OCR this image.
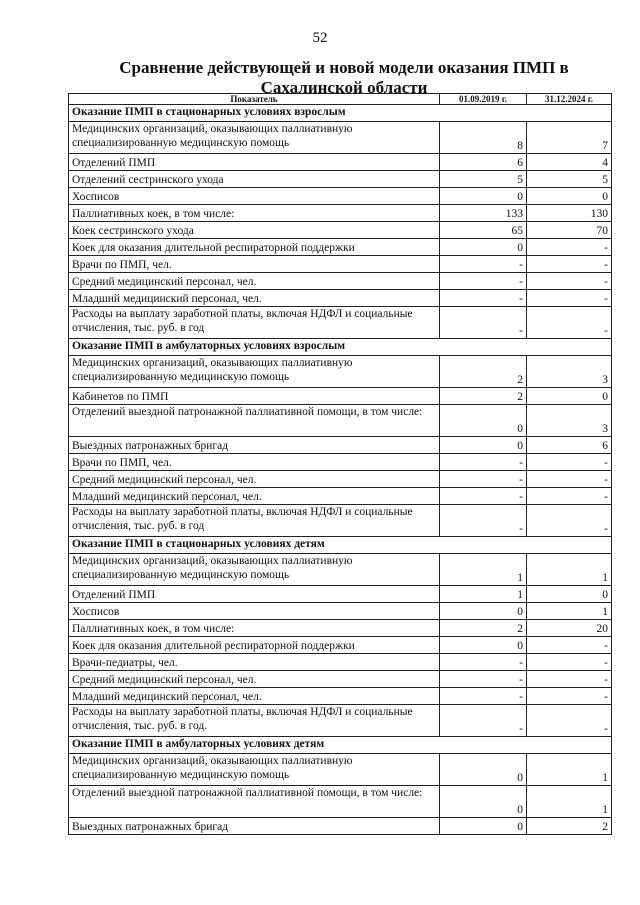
52
Сравнение действующей и новой модели оказания ПМП в Сахалинской области
Показатель	01.09.2019 г.	31.12.2024 г.
Оказание ПМП в стационарных условиях взрослым		
Медицинских организаций, оказывающих паллиативную специализированную медицинскую помощь	8	7
Отделений ПМП	6	4
Отделений сестринского ухода	5	5
Хосписов	0	0
Паллиативных коек, в том числе:	133	130
Коек сестринского ухода	65	70
Коек для оказания длительной респираторной поддержки	0	-
Врачи по ПМП, чел.	-	-
Средний медицинский персонал, чел.	-	-
Младший медицинский персонал, чел.	-	-
Расходы на выплату заработной платы, включая НДФЛ и социальные отчисления, тыс. руб. в год	-	-
Оказание ПМП в амбулаторных условиях взрослым		
Медицинских организаций, оказывающих паллиативную специализированную медицинскую помощь	2	3
Кабинетов по ПМП	2	0
Отделений выездной патронажной паллиативной помощи, в том числе:	0	3
Выездных патронажных бригад	0	6
Врачи по ПМП, чел.	-	-
Средний медицинский персонал, чел.	-	-
Младший медицинский персонал, чел.	-	-
Расходы на выплату заработной платы, включая НДФЛ и социальные отчисления, тыс. руб. в год	-	-
Оказание ПМП в стационарных условиях детям		
Медицинских организаций, оказывающих паллиативную специализированную медицинскую помощь	1	1
Отделений ПМП	1	0
Хосписов	0	1
Паллиативных коек, в том числе:	2	20
Коек для оказания длительной респираторной поддержки	0	-
Врачи-педиатры, чел.	-	-
Средний медицинский персонал, чел.	-	-
Младший медицинский персонал, чел.	-	-
Расходы на выплату заработной платы, включая НДФЛ и социальные отчисления, тыс. руб. в год.	-	-
Оказание ПМП в амбулаторных условиях детям		
Медицинских организаций, оказывающих паллиативную специализированную медицинскую помощь	0	1
Отделений выездной патронажной паллиативной помощи, в том числе:	0	1
Выездных патронажных бригад	0	2
